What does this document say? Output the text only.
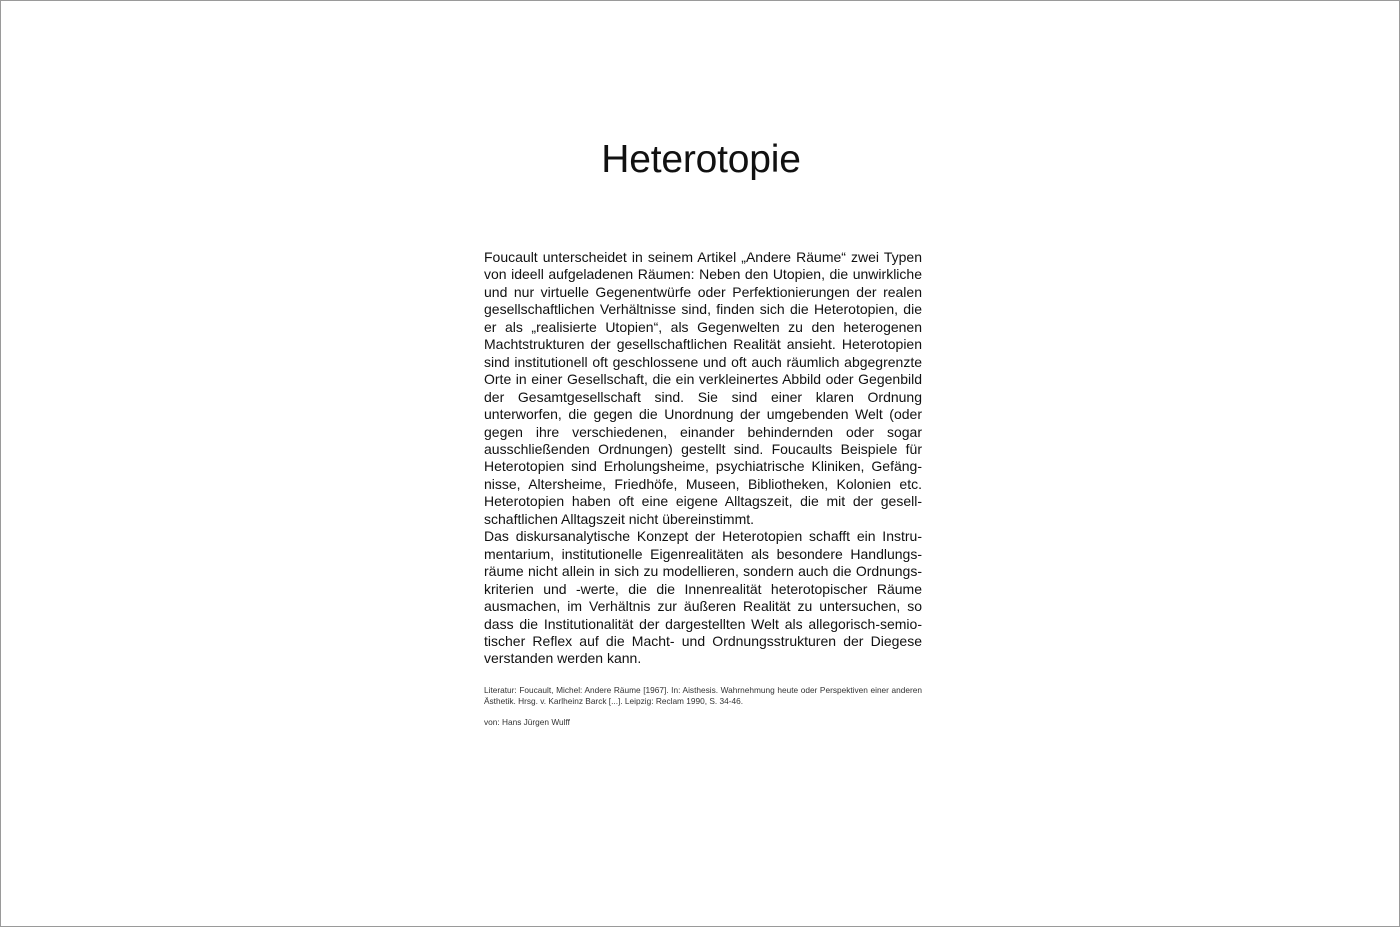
Heterotopie

Foucault unterscheidet in seinem Artikel „Andere Räume“ zwei Typen von ideell aufgeladenen Räumen: Neben den Utopien, die unwirkliche und nur virtuelle Gegenentwürfe oder Perfektionierungen der realen gesellschaftlichen Verhältnisse sind, finden sich die Heterotopien, die er als „realisierte Utopien“, als Gegenwelten zu den heterogenen Machtstrukturen der gesellschaftlichen Realität ansieht. Heterotopien sind institutionell oft geschlossene und oft auch räumlich abgegrenzte Orte in einer Gesellschaft, die ein verkleinertes Abbild oder Gegenbild der Gesamtgesellschaft sind. Sie sind einer klaren Ordnung unterworfen, die gegen die Unordnung der umgebenden Welt (oder gegen ihre verschiedenen, einander behindernden oder sogar ausschließenden Ordnungen) gestellt sind. Foucaults Beispiele für Heterotopien sind Erholungsheime, psychiatrische Kliniken, Gefängnisse, Altersheime, Friedhöfe, Museen, Bibliotheken, Kolonien etc. Heterotopien haben oft eine eigene Alltagszeit, die mit der gesellschaftlichen Alltagszeit nicht übereinstimmt.

Das diskursanalytische Konzept der Heterotopien schafft ein Instrumentarium, institutionelle Eigenrealitäten als besondere Handlungsräume nicht allein in sich zu modellieren, sondern auch die Ordnungskriterien und -werte, die die Innenrealität heterotopischer Räume ausmachen, im Verhältnis zur äußeren Realität zu untersuchen, so dass die Institutionalität der dargestellten Welt als allegorisch-semiotischer Reflex auf die Macht- und Ordnungsstrukturen der Diegese verstanden werden kann.

Literatur: Foucault, Michel: Andere Räume [1967]. In: Aisthesis. Wahrnehmung heute oder Perspektiven einer anderen Ästhetik. Hrsg. v. Karlheinz Barck [...]. Leipzig: Reclam 1990, S. 34-46.

von: Hans Jürgen Wulff
